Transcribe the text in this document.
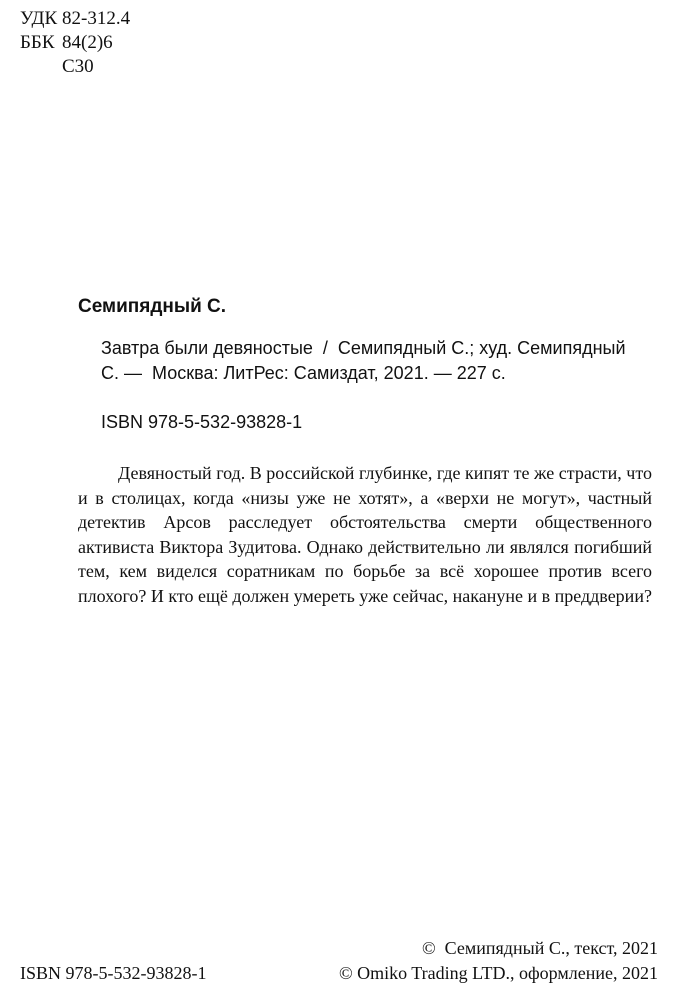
УДК 82-312.4
ББК 84(2)6
С30
Семипядный С.
Завтра были девяностые  /  Семипядный С.; худ. Семипядный
С. —  Москва: ЛитРес: Самиздат, 2021. — 227 с.
ISBN 978-5-532-93828-1

Девяностый год. В российской глубинке, где кипят те же страсти, что и в столицах, когда «низы уже не хотят», а «верхи не могут», частный детектив Арсов расследует обстоятельства смерти общественного активиста Виктора Зудитова. Однако действительно ли являлся погибший тем, кем виделся соратникам по борьбе за всё хорошее против всего плохого? И кто ещё должен умереть уже сейчас, накануне и в преддверии?

ISBN 978-5-532-93828-1
©  Семипядный С., текст, 2021
© Omiko Trading LTD., оформление, 2021
